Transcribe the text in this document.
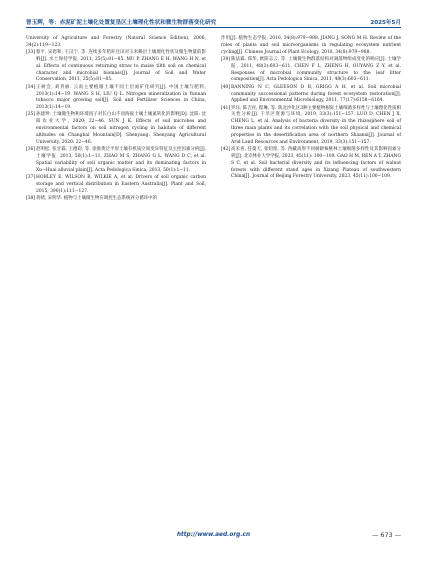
曾玉辉，等：赤泥矿泥土壤化处置复垦区土壤理化性状和微生物群落变化研究	2025年5月
University of Agriculture and Forestry (Natural Science Edition), 2006, 34(2):119−123.
[33] 蔡平, 宋恩和, 王汉宁, 等. 连续多年秸秆还田对玉米耕层土壤理化性状及微生物量的影响[J]. 水土保持学报, 2011, 25(5):81−85. MU P, ZHANG E H, WANG H N, et al. Effects of continuous returning straw to maize tilth soil on chemical character and microbial biomass[J]. Journal of Soil and Water Conservation, 2011, 25(5):81−85.
[34] 王树会, 刘青丽. 云南主要植烟土壤不同土层氮矿化研究[J]. 中国土壤与肥料, 2013(1):14−19. WANG S H, LIU Q L. Nitrogen mineralization in Yunnan tobacco major growing soil[J]. Soil and Fertilizer Sciences in China, 2013(1):14−19.
[35] 孙建坤. 土壤微生物和环境因子对长白山不同海拔土壤土壤氮转化的影响[D]. 沈阳: 沈阳农业大学, 2020: 22−46. SUN J K. Effects of soil microbes and environmental factors on soil nitrogen cycling in habitats of different altitudes on Changbai Mountain[D]. Shenyang: Shenyang Agricultural University, 2020: 22−46.
[36] 赵明松, 张甘霖, 王德彩, 等. 徐淮黄泛平原土壤有机质空间变异特征及主控因素分析[J]. 土壤学报, 2013, 50(1):1−11. ZHAO M S, ZHANG G L, WANG D C, et al. Spatial variability of soil organic matter and its dominating factors in Xu−Huai alluvial plain[J]. Acta Pedologica Sinica, 2013, 50(1):1−11.
[37] HOBLEY E, WILSON B, WILKIE A, et al. Drivers of soil organic carbon storage and vertical distribution in Eastern Australia[J]. Plant and Soil, 2015, 390(1):111−127.
[38] 蒋婧, 宋明华. 植物与土壤微生物在调控生态系统养分循环中的
作用[J]. 植物生态学报, 2010, 34(8):979−988. JIANG J, SONG M H. Review of the roles of plants and soil microorganisms in regulating ecosystem nutrient cycling[J]. Chinese Journal of Plant Ecology, 2010, 34(8):979−988.
[39] 陈法霖, 郑华, 欧阳志云, 等. 土壤微生物群落结构对凋落物组成变化的响应[J]. 土壤学报, 2011, 48(3):603−611. CHEN F L, ZHENG H, OUYANG Z Y, et al. Responses of microbial community structure to the leaf litter composition[J]. Acta Pedologica Sinica, 2011, 48(3):603−611.
[40] BANNING N C, GLEESON D B, GRIGG A H, et al. Soil microbial community successional patterns during forest ecosystem restoration[J]. Applied and Environmental Microbiology, 2011, 77(17):6158−6164.
[41] 罗珏, 陈吉祥, 程琳, 等. 陕北沙化区3种主要植物根际土壤细菌多样性与土壤理化性质相关性分析[J]. 干旱区资源与环境, 2019, 33(3):151−157. LUO D, CHEN J X, CHENG L, et al. Analysis of bacteria diversity in the rhizosphere soil of three main plants and its correlation with the soil physical and chemical properties in the desertification area of northern Shaanxi[J]. Journal of Arid Land Resources and Environment, 2019, 33(3):151−157.
[42] 高禾喜, 任曼天, 张绍煌, 等. 西藏高原不同树龄核桃林土壤细菌多样性及其影响因素分析[J]. 北京林业大学学报, 2023, 45(11): 100−109. GAO H M, REN A T, ZHANG S C, et al. Soil bacterial diversity and its influencing factors of walnut forests with different stand ages in Xizang Plateau of southwestern China[J]. Journal of Beijing Forestry University, 2023, 45(11):100−109.
http://www.aed.org.cn	— 673 —
